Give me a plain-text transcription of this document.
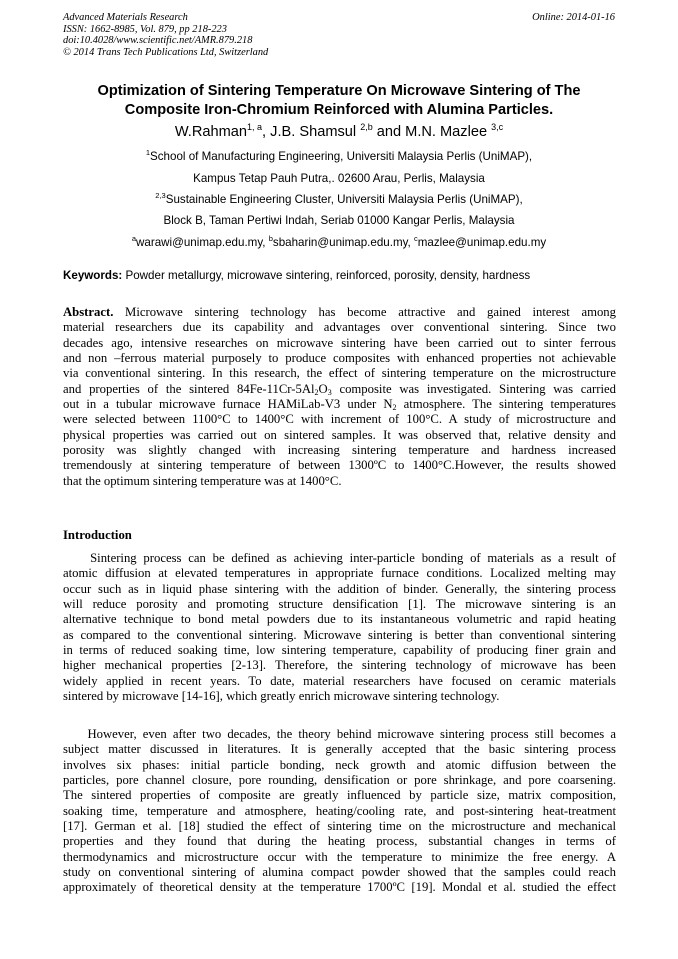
Advanced Materials Research
ISSN: 1662-8985, Vol. 879, pp 218-223
doi:10.4028/www.scientific.net/AMR.879.218
© 2014 Trans Tech Publications Ltd, Switzerland
Online: 2014-01-16
Optimization of Sintering Temperature On Microwave Sintering of The
Composite Iron-Chromium Reinforced with Alumina Particles.
W.Rahman$^{1, a}$, J.B. Shamsul $^{2,b}$ and M.N. Mazlee $^{3,c}$
$^1$School of Manufacturing Engineering, Universiti Malaysia Perlis (UniMAP),
Kampus Tetap Pauh Putra,. 02600 Arau, Perlis, Malaysia
$^{2,3}$Sustainable Engineering Cluster, Universiti Malaysia Perlis (UniMAP),
Block B, Taman Pertiwi Indah, Seriab 01000 Kangar Perlis, Malaysia
$^a$warawi@unimap.edu.my, $^b$sbaharin@unimap.edu.my, $^c$mazlee@unimap.edu.my
Keywords: Powder metallurgy, microwave sintering, reinforced, porosity, density, hardness
Abstract. Microwave sintering technology has become attractive and gained interest among
material researchers due its capability and advantages over conventional sintering. Since two
decades ago, intensive researches on microwave sintering have been carried out to sinter ferrous
and non –ferrous material purposely to produce composites with enhanced properties not achievable
via conventional sintering. In this research, the effect of sintering temperature on the microstructure
and properties of the sintered $84Fe-11Cr-5Al_2O_3$ composite was investigated. Sintering was carried
out in a tubular microwave furnace HAMiLab-V3 under $N_2$ atmosphere. The sintering temperatures
were selected between 1100°C to 1400°C with increment of 100°C. A study of microstructure and
physical properties was carried out on sintered samples. It was observed that, relative density and
porosity was slightly changed with increasing sintering temperature and hardness increased
tremendously at sintering temperature of between 1300ºC to 1400°C.However, the results showed
that the optimum sintering temperature was at 1400°C.
Introduction
Sintering process can be defined as achieving inter-particle bonding of materials as a result of
atomic diffusion at elevated temperatures in appropriate furnace conditions. Localized melting may
occur such as in liquid phase sintering with the addition of binder. Generally, the sintering process
will reduce porosity and promoting structure densification [1]. The microwave sintering is an
alternative technique to bond metal powders due to its instantaneous volumetric and rapid heating
as compared to the conventional sintering. Microwave sintering is better than conventional sintering
in terms of reduced soaking time, low sintering temperature, capability of producing finer grain and
higher mechanical properties [2-13]. Therefore, the sintering technology of microwave has been
widely applied in recent years. To date, material researchers have focused on ceramic materials
sintered by microwave [14-16], which greatly enrich microwave sintering technology.
However, even after two decades, the theory behind microwave sintering process still becomes a
subject matter discussed in literatures. It is generally accepted that the basic sintering process
involves six phases: initial particle bonding, neck growth and atomic diffusion between the
particles, pore channel closure, pore rounding, densification or pore shrinkage, and pore coarsening.
The sintered properties of composite are greatly influenced by particle size, matrix composition,
soaking time, temperature and atmosphere, heating/cooling rate, and post-sintering heat-treatment
[17]. German et al. [18] studied the effect of sintering time on the microstructure and mechanical
properties and they found that during the heating process, substantial changes in terms of
thermodynamics and microstructure occur with the temperature to minimize the free energy. A
study on conventional sintering of alumina compact powder showed that the samples could reach
approximately of theoretical density at the temperature 1700ºC [19]. Mondal et al. studied the effect
